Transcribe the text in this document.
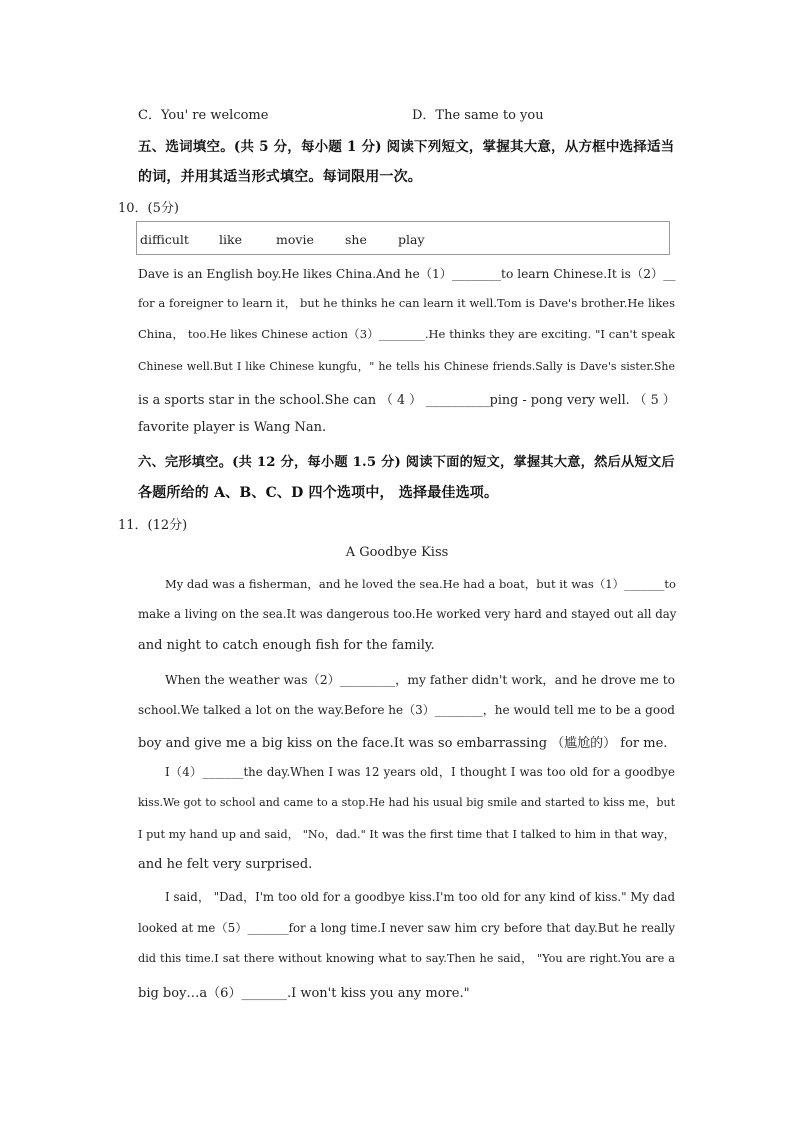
C．You' re welcome	D．The same to you
五、选词填空。(共 5 分，每小题 1 分) 阅读下列短文，掌握其大意，从方框中选择适当
的词，并用其适当形式填空。每词限用一次。
10．(5分)
difficult like	movie she play
Dave is an English boy.He likes China.And he（1）________to learn Chinese.It is（2）__
for a foreigner to learn it， but he thinks he can learn it well.Tom is Dave's brother.He likes
China， too.He likes Chinese action（3）________.He thinks they are exciting. "I can't speak
Chinese well.But I like Chinese kungfu，" he tells his Chinese friends.Sally is Dave's sister.She
is a sports star in the school.She can （ 4 ） __________ping - pong very well. （ 5 ）
favorite player is Wang Nan.
六、完形填空。(共 12 分，每小题 1.5 分) 阅读下面的短文，掌握其大意，然后从短文后
各题所给的 A、B、C、D 四个选项中， 选择最佳选项。
11．(12分)
A Goodbye Kiss
My dad was a fisherman，and he loved the sea.He had a boat，but it was（1）_______to
make a living on the sea.It was dangerous too.He worked very hard and stayed out all day
and night to catch enough fish for the family.
When the weather was（2）_________，my father didn't work，and he drove me to
school.We talked a lot on the way.Before he（3）________，he would tell me to be a good
boy and give me a big kiss on the face.It was so embarrassing （尴尬的） for me.
I（4）_______the day.When I was 12 years old，I thought I was too old for a goodbye
kiss.We got to school and came to a stop.He had his usual big smile and started to kiss me，but
I put my hand up and said， "No，dad." It was the first time that I talked to him in that way，
and he felt very surprised.
I said， "Dad，I'm too old for a goodbye kiss.I'm too old for any kind of kiss." My dad
looked at me（5）_______for a long time.I never saw him cry before that day.But he really
did this time.I sat there without knowing what to say.Then he said， "You are right.You are a
big boy…a（6）_______.I won't kiss you any more."
